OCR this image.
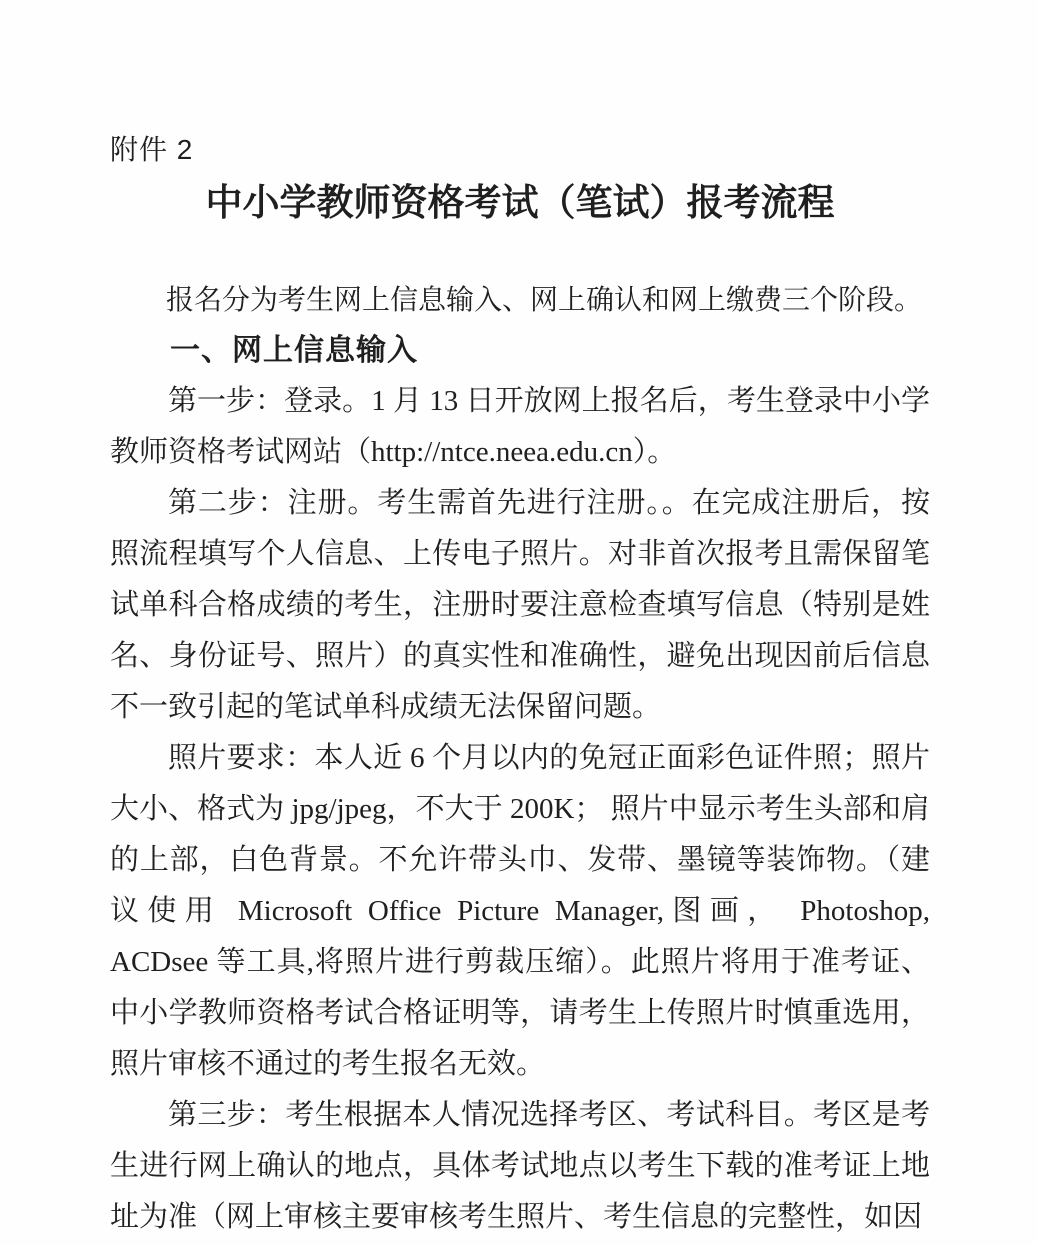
附件 2
中小学教师资格考试（笔试）报考流程

报名分为考生网上信息输入、网上确认和网上缴费三个阶段。

一、网上信息输入

第一步：登录。1 月 13 日开放网上报名后，考生登录中小学教师资格考试网站（http://ntce.neea.edu.cn）。

第二步：注册。考生需首先进行注册。。在完成注册后，按照流程填写个人信息、上传电子照片。对非首次报考且需保留笔试单科合格成绩的考生，注册时要注意检查填写信息（特别是姓名、身份证号、照片）的真实性和准确性，避免出现因前后信息不一致引起的笔试单科成绩无法保留问题。

照片要求：本人近 6 个月以内的免冠正面彩色证件照；照片大小、格式为 jpg/jpeg，不大于 200K； 照片中显示考生头部和肩的上部，白色背景。不允许带头巾、发带、墨镜等装饰物。（建议使用 Microsoft Office Picture Manager,图画， Photoshop, ACDsee 等工具,将照片进行剪裁压缩）。此照片将用于准考证、中小学教师资格考试合格证明等，请考生上传照片时慎重选用，照片审核不通过的考生报名无效。

第三步：考生根据本人情况选择考区、考试科目。考区是考生进行网上确认的地点，具体考试地点以考生下载的准考证上地址为准（网上审核主要审核考生照片、考生信息的完整性，如因
